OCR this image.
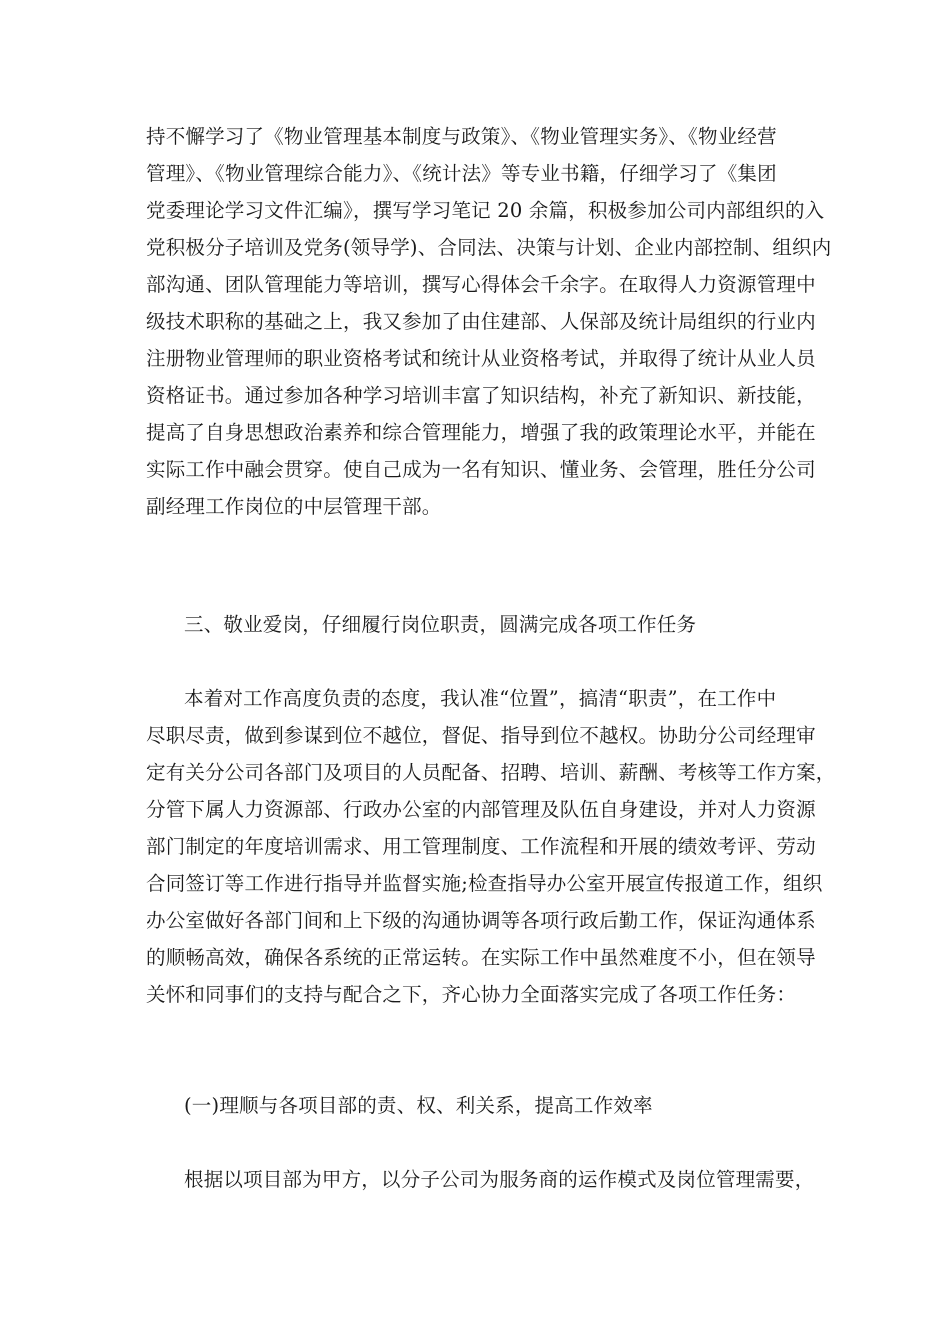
持不懈学习了《物业管理基本制度与政策》、《物业管理实务》、《物业经营
管理》、《物业管理综合能力》、《统计法》等专业书籍，仔细学习了《集团
党委理论学习文件汇编》，撰写学习笔记 20 余篇，积极参加公司内部组织的入
党积极分子培训及党务(领导学)、合同法、决策与计划、企业内部控制、组织内
部沟通、团队管理能力等培训，撰写心得体会千余字。在取得人力资源管理中
级技术职称的基础之上，我又参加了由住建部、人保部及统计局组织的行业内
注册物业管理师的职业资格考试和统计从业资格考试，并取得了统计从业人员
资格证书。通过参加各种学习培训丰富了知识结构，补充了新知识、新技能，
提高了自身思想政治素养和综合管理能力，增强了我的政策理论水平，并能在
实际工作中融会贯穿。使自己成为一名有知识、懂业务、会管理，胜任分公司
副经理工作岗位的中层管理干部。
三、敬业爱岗，仔细履行岗位职责，圆满完成各项工作任务
本着对工作高度负责的态度，我认准“位置”，搞清“职责”，在工作中
尽职尽责，做到参谋到位不越位，督促、指导到位不越权。协助分公司经理审
定有关分公司各部门及项目的人员配备、招聘、培训、薪酬、考核等工作方案，
分管下属人力资源部、行政办公室的内部管理及队伍自身建设，并对人力资源
部门制定的年度培训需求、用工管理制度、工作流程和开展的绩效考评、劳动
合同签订等工作进行指导并监督实施;检查指导办公室开展宣传报道工作，组织
办公室做好各部门间和上下级的沟通协调等各项行政后勤工作，保证沟通体系
的顺畅高效，确保各系统的正常运转。在实际工作中虽然难度不小，但在领导
关怀和同事们的支持与配合之下，齐心协力全面落实完成了各项工作任务：
(一)理顺与各项目部的责、权、利关系，提高工作效率
根据以项目部为甲方，以分子公司为服务商的运作模式及岗位管理需要，
